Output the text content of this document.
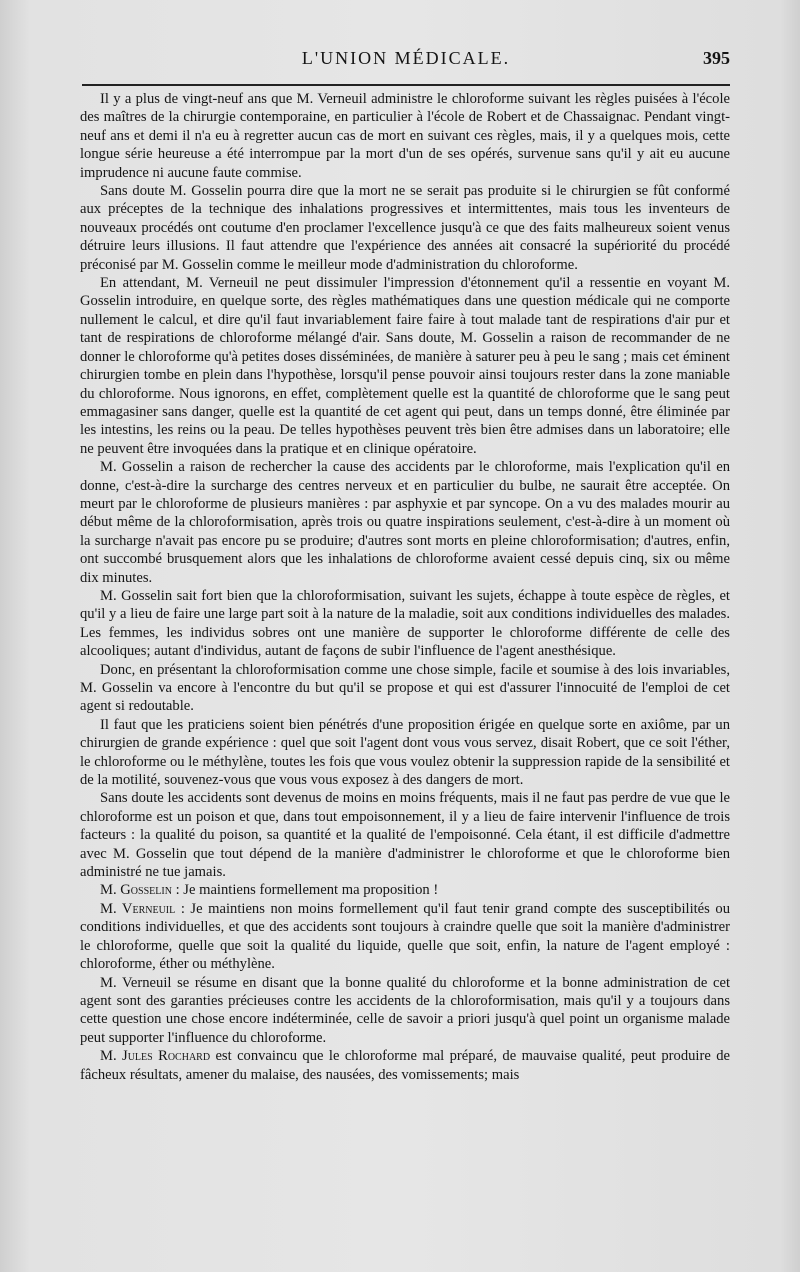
L'UNION MÉDICALE.	395

Il y a plus de vingt-neuf ans que M. Verneuil administre le chloroforme suivant les règles puisées à l'école des maîtres de la chirurgie contemporaine, en particulier à l'école de Robert et de Chassaignac. Pendant vingt-neuf ans et demi il n'a eu à regretter aucun cas de mort en suivant ces règles, mais, il y a quelques mois, cette longue série heureuse a été interrompue par la mort d'un de ses opérés, survenue sans qu'il y ait eu aucune imprudence ni aucune faute commise.

Sans doute M. Gosselin pourra dire que la mort ne se serait pas produite si le chirurgien se fût conformé aux préceptes de la technique des inhalations progressives et intermittentes, mais tous les inventeurs de nouveaux procédés ont coutume d'en proclamer l'excellence jusqu'à ce que des faits malheureux soient venus détruire leurs illusions. Il faut attendre que l'expérience des années ait consacré la supériorité du procédé préconisé par M. Gosselin comme le meilleur mode d'administration du chloroforme.

En attendant, M. Verneuil ne peut dissimuler l'impression d'étonnement qu'il a ressentie en voyant M. Gosselin introduire, en quelque sorte, des règles mathématiques dans une question médicale qui ne comporte nullement le calcul, et dire qu'il faut invariablement faire faire à tout malade tant de respirations d'air pur et tant de respirations de chloroforme mélangé d'air. Sans doute, M. Gosselin a raison de recommander de ne donner le chloroforme qu'à petites doses disséminées, de manière à saturer peu à peu le sang ; mais cet éminent chirurgien tombe en plein dans l'hypothèse, lorsqu'il pense pouvoir ainsi toujours rester dans la zone maniable du chloroforme. Nous ignorons, en effet, complètement quelle est la quantité de chloroforme que le sang peut emmagasiner sans danger, quelle est la quantité de cet agent qui peut, dans un temps donné, être éliminée par les intestins, les reins ou la peau. De telles hypothèses peuvent très bien être admises dans un laboratoire; elle ne peuvent être invoquées dans la pratique et en clinique opératoire.

M. Gosselin a raison de rechercher la cause des accidents par le chloroforme, mais l'explication qu'il en donne, c'est-à-dire la surcharge des centres nerveux et en particulier du bulbe, ne saurait être acceptée. On meurt par le chloroforme de plusieurs manières : par asphyxie et par syncope. On a vu des malades mourir au début même de la chloroformisation, après trois ou quatre inspirations seulement, c'est-à-dire à un moment où la surcharge n'avait pas encore pu se produire; d'autres sont morts en pleine chloroformisation; d'autres, enfin, ont succombé brusquement alors que les inhalations de chloroforme avaient cessé depuis cinq, six ou même dix minutes.

M. Gosselin sait fort bien que la chloroformisation, suivant les sujets, échappe à toute espèce de règles, et qu'il y a lieu de faire une large part soit à la nature de la maladie, soit aux conditions individuelles des malades. Les femmes, les individus sobres ont une manière de supporter le chloroforme différente de celle des alcooliques; autant d'individus, autant de façons de subir l'influence de l'agent anesthésique.

Donc, en présentant la chloroformisation comme une chose simple, facile et soumise à des lois invariables, M. Gosselin va encore à l'encontre du but qu'il se propose et qui est d'assurer l'innocuité de l'emploi de cet agent si redoutable.

Il faut que les praticiens soient bien pénétrés d'une proposition érigée en quelque sorte en axiôme, par un chirurgien de grande expérience : quel que soit l'agent dont vous vous servez, disait Robert, que ce soit l'éther, le chloroforme ou le méthylène, toutes les fois que vous voulez obtenir la suppression rapide de la sensibilité et de la motilité, souvenez-vous que vous vous exposez à des dangers de mort.

Sans doute les accidents sont devenus de moins en moins fréquents, mais il ne faut pas perdre de vue que le chloroforme est un poison et que, dans tout empoisonnement, il y a lieu de faire intervenir l'influence de trois facteurs : la qualité du poison, sa quantité et la qualité de l'empoisonné. Cela étant, il est difficile d'admettre avec M. Gosselin que tout dépend de la manière d'administrer le chloroforme et que le chloroforme bien administré ne tue jamais.

M. Gosselin : Je maintiens formellement ma proposition !

M. Verneuil : Je maintiens non moins formellement qu'il faut tenir grand compte des susceptibilités ou conditions individuelles, et que des accidents sont toujours à craindre quelle que soit la manière d'administrer le chloroforme, quelle que soit la qualité du liquide, quelle que soit, enfin, la nature de l'agent employé : chloroforme, éther ou méthylène.

M. Verneuil se résume en disant que la bonne qualité du chloroforme et la bonne administration de cet agent sont des garanties précieuses contre les accidents de la chloroformisation, mais qu'il y a toujours dans cette question une chose encore indéterminée, celle de savoir a priori jusqu'à quel point un organisme malade peut supporter l'influence du chloroforme.

M. Jules Rochard est convaincu que le chloroforme mal préparé, de mauvaise qualité, peut produire de fâcheux résultats, amener du malaise, des nausées, des vomissements; mais
